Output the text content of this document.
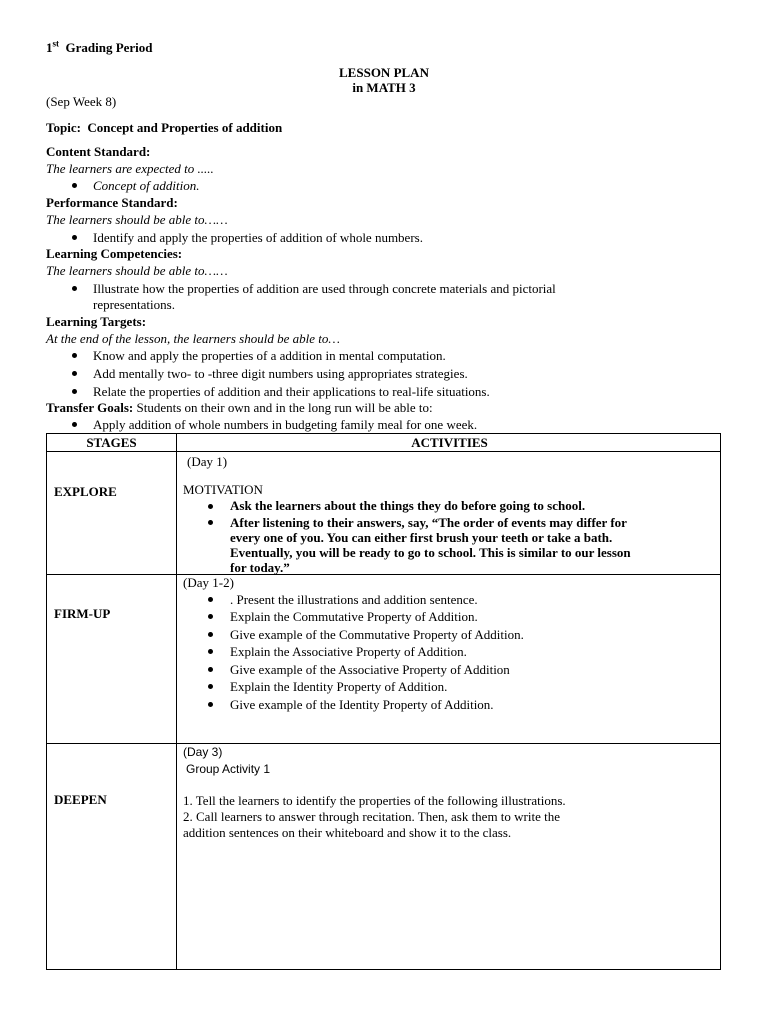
1st Grading Period
LESSON PLAN
in MATH 3
(Sep Week 8)
Topic: Concept and Properties of addition
Content Standard:
The learners are expected to .....
Concept of addition.
Performance Standard:
The learners should be able to……
Identify and apply the properties of addition of whole numbers.
Learning Competencies:
The learners should be able to……
Illustrate how the properties of addition are used through concrete materials and pictorial
representations.
Learning Targets:
At the end of the lesson, the learners should be able to…
Know and apply the properties of a addition in mental computation.
Add mentally two- to -three digit numbers using appropriates strategies.
Relate the properties of addition and their applications to real-life situations.
Transfer Goals: Students on their own and in the long run will be able to:
Apply addition of whole numbers in budgeting family meal for one week.
STAGES	ACTIVITIES
EXPLORE
(Day 1)
MOTIVATION
Ask the learners about the things they do before going to school.
After listening to their answers, say, “The order of events may differ for
every one of you. You can either first brush your teeth or take a bath.
Eventually, you will be ready to go to school. This is similar to our lesson
for today.”
FIRM-UP
(Day 1-2)
. Present the illustrations and addition sentence.
Explain the Commutative Property of Addition.
Give example of the Commutative Property of Addition.
Explain the Associative Property of Addition.
Give example of the Associative Property of Addition
Explain the Identity Property of Addition.
Give example of the Identity Property of Addition.
DEEPEN
(Day 3)
Group Activity 1
1. Tell the learners to identify the properties of the following illustrations.
2. Call learners to answer through recitation. Then, ask them to write the
addition sentences on their whiteboard and show it to the class.
